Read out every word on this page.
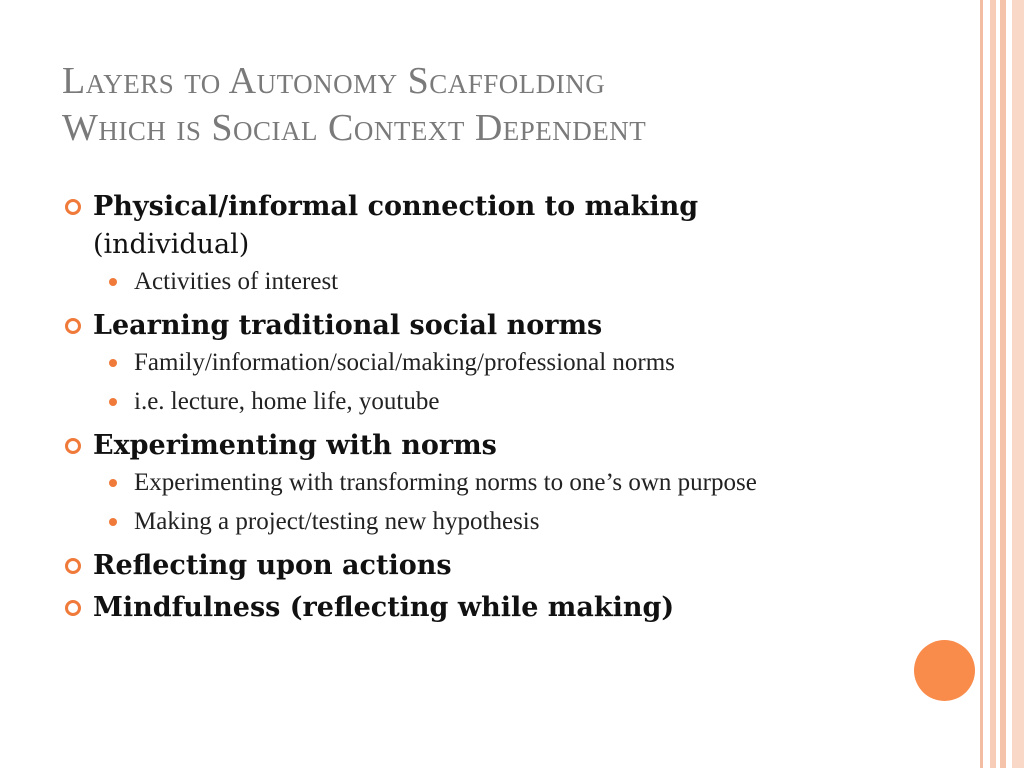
Layers to Autonomy Scaffolding
Which is Social Context Dependent
Physical/informal connection to making
(individual)
Activities of interest
Learning traditional social norms
Family/information/social/making/professional norms
i.e. lecture, home life, youtube
Experimenting with norms
Experimenting with transforming norms to one’s own purpose
Making a project/testing new hypothesis
Reflecting upon actions
Mindfulness (reflecting while making)
